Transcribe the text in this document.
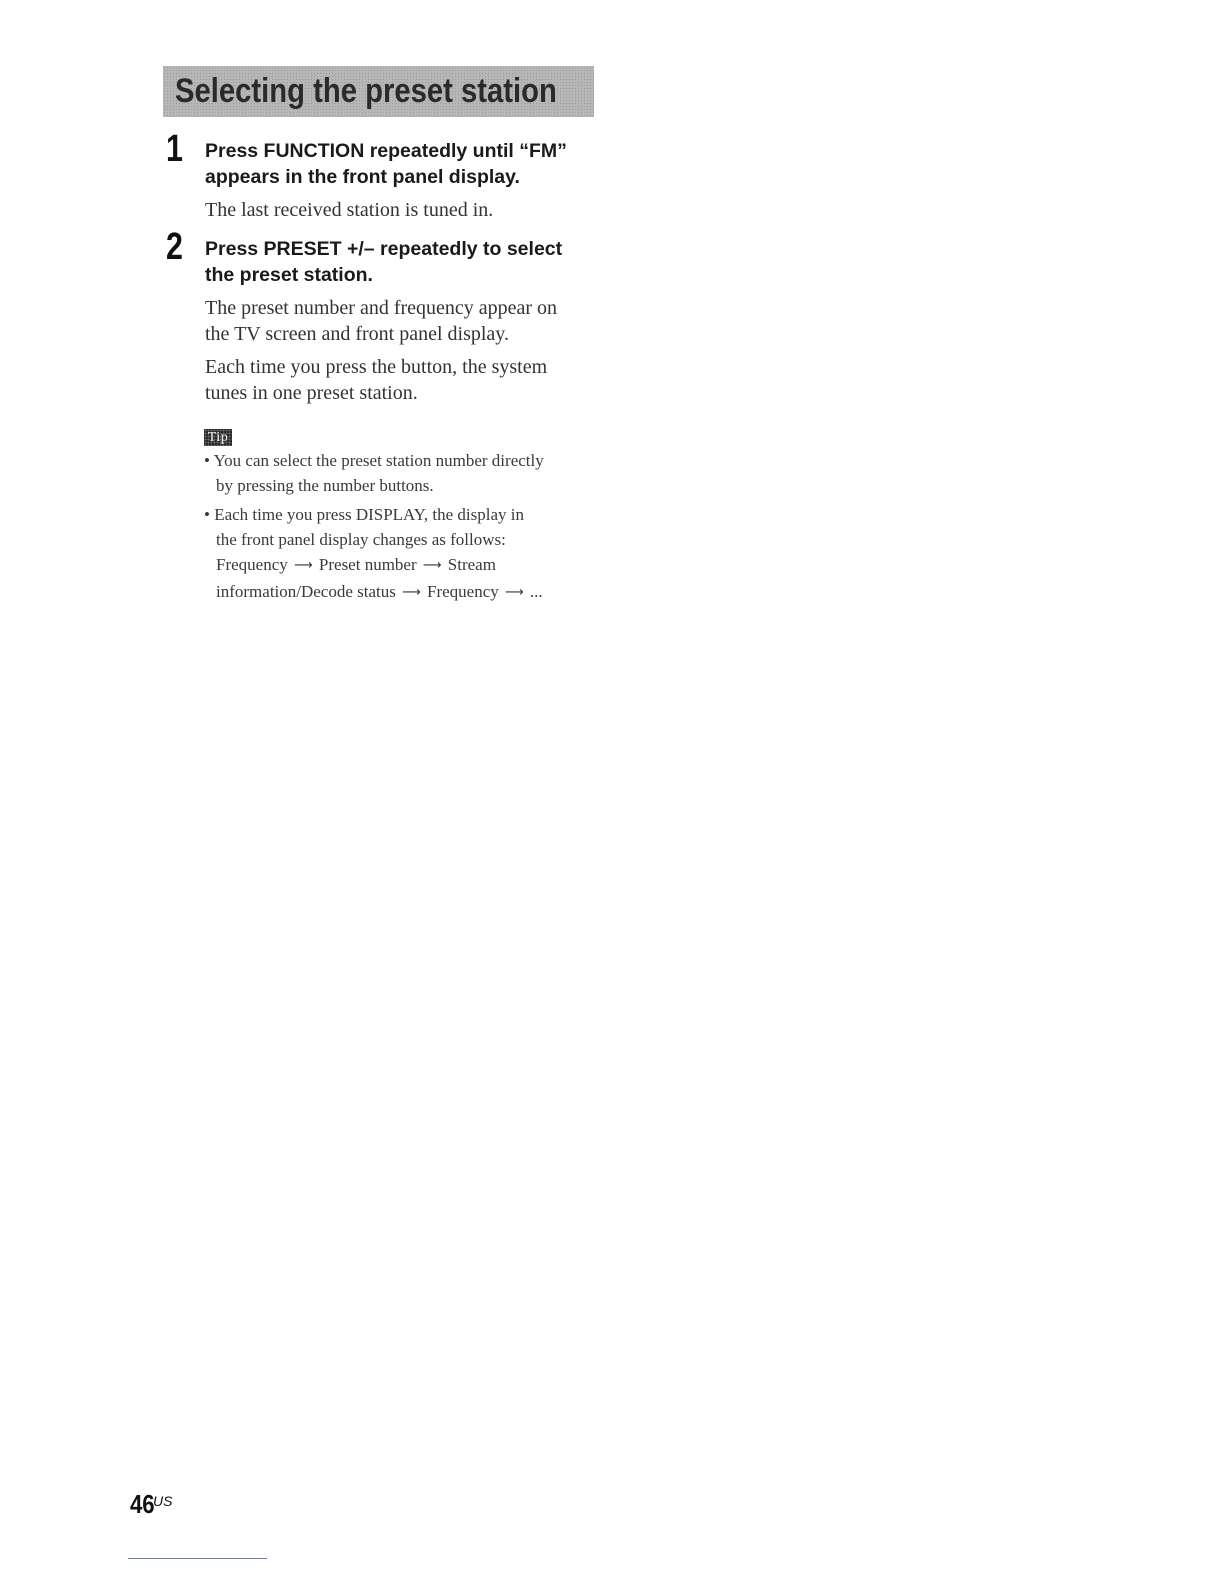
Selecting the preset station
1 Press FUNCTION repeatedly until “FM”
appears in the front panel display.

The last received station is tuned in.

2 Press PRESET +/– repeatedly to select
the preset station.

The preset number and frequency appear on
the TV screen and front panel display.

Each time you press the button, the system
tunes in one preset station.

Tip
• You can select the preset station number directly
by pressing the number buttons.
• Each time you press DISPLAY, the display in
the front panel display changes as follows:
Frequency ⟶ Preset number ⟶ Stream
information/Decode status ⟶ Frequency ⟶ ...
46
US
